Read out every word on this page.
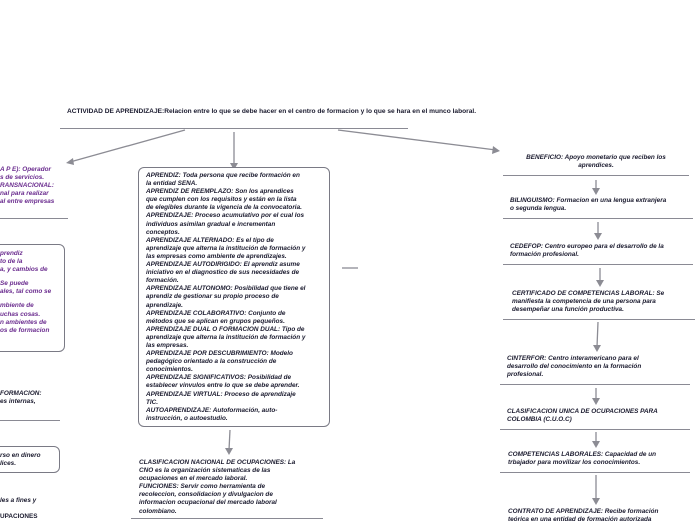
ACTIVIDAD DE APRENDIZAJE:Relacion entre lo que se debe hacer en el centro de formacion y lo que se hara en el munco laboral.
A P E): Operador
s de servicios.
RANSNACIONAL:
nal para realizar
al entre empresas
prendiz
to de la
a, y cambios de
Se puede
ales, tal como se
mbiente de
uchas cosas.
n ambientes de
os de formacion
FORMACION:
es internas,
rso en dinero
lices.
les a fines y
UPACIONES
APRENDIZ: Toda persona que recibe formación en
la entidad SENA.
APRENDIZ DE REEMPLAZO: Son los aprendices
que cumplen con los requisitos y están en la lista
de elegibles durante la vigencia de la convocatoria.
APRENDIZAJE: Proceso acumulativo por el cual los
individuos asimilan gradual e incrementan
conceptos.
APRENDIZAJE ALTERNADO: Es el tipo de
aprendizaje que alterna la institución de formación y
las empresas como ambiente de aprendizajes.
APRENDIZAJE AUTODIRIGIDO: El aprendiz asume
iniciativo en el diagnostico de sus necesidades de
formación.
APRENDIZAJE AUTONOMO: Posibilidad que tiene el
aprendiz de gestionar su propio proceso de
aprendizaje.
APRENDIZAJE COLABORATIVO: Conjunto de
métodos que se aplican en grupos pequeños.
APRENDIZAJE DUAL O FORMACION DUAL: Tipo de
aprendizaje que alterna la institución de formación y
las empresas.
APRENDIZAJE POR DESCUBRIMIENTO: Modelo
pedagógico orientado a la construcción de
conocimientos.
APRENDIZAJE SIGNIFICATIVOS: Posibilidad de
establecer vinvulos entre lo que se debe aprender.
APRENDIZAJE VIRTUAL: Proceso de aprendizaje
TIC.
AUTOAPRENDIZAJE: Autoformación, auto-
instrucción, o autoestudio.
CLASIFICACION NACIONAL DE OCUPACIONES: La
CNO es la organización sistematicas de las
ocupaciones en el mercado laboral.
FUNCIONES: Servir como herramienta de
recoleccion, consolidacion y divulgacion de
informacion ocupacional del mercado laboral
colombiano.
BENEFICIO: Apoyo monetario que reciben los
aprendices.
BILINGUISMO: Formacion en una lengua extranjera
o segunda lengua.
CEDEFOP: Centro europeo para el desarrollo de la
formación profesional.
CERTIFICADO DE COMPETENCIAS LABORAL: Se
manifiesta la competencia de una persona para
desempeñar una función productiva.
CINTERFOR: Centro interamericano para el
desarrollo del conocimiento en la formación
profesional.
CLASIFICACION UNICA DE OCUPACIONES PARA
COLOMBIA (C.U.O.C)
COMPETENCIAS LABORALES: Capacidad de un
trbajador para movilizar los conocimientos.
CONTRATO DE APRENDIZAJE: Recibe formación
teórica en una entidad de formación autorizada
